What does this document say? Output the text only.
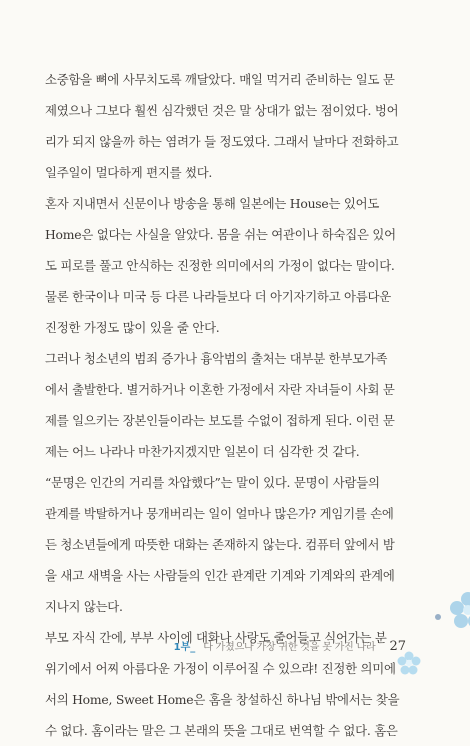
소중함을 뼈에 사무치도록 깨달았다. 매일 먹거리 준비하는 일도 문
제였으나 그보다 훨씬 심각했던 것은 말 상대가 없는 점이었다. 벙어
리가 되지 않을까 하는 염려가 들 정도였다. 그래서 날마다 전화하고
일주일이 멀다하게 편지를 썼다.
혼자 지내면서 신문이나 방송을 통해 일본에는 House는 있어도
Home은 없다는 사실을 알았다. 몸을 쉬는 여관이나 하숙집은 있어
도 피로를 풀고 안식하는 진정한 의미에서의 가정이 없다는 말이다.
물론 한국이나 미국 등 다른 나라들보다 더 아기자기하고 아름다운
진정한 가정도 많이 있을 줄 안다.
그러나 청소년의 범죄 증가나 흉악범의 출처는 대부분 한부모가족
에서 출발한다. 별거하거나 이혼한 가정에서 자란 자녀들이 사회 문
제를 일으키는 장본인들이라는 보도를 수없이 접하게 된다. 이런 문
제는 어느 나라나 마찬가지겠지만 일본이 더 심각한 것 같다.
“문명은 인간의 거리를 차압했다”는 말이 있다. 문명이 사람들의
관계를 박탈하거나 뭉개버리는 일이 얼마나 많은가? 게임기를 손에
든 청소년들에게 따뜻한 대화는 존재하지 않는다. 컴퓨터 앞에서 밤
을 새고 새벽을 사는 사람들의 인간 관계란 기계와 기계와의 관계에
지나지 않는다.
부모 자식 간에, 부부 사이에 대화나 사랑도 줄어들고 식어가는 분
위기에서 어찌 아름다운 가정이 이루어질 수 있으랴! 진정한 의미에
서의 Home, Sweet Home은 홈을 창설하신 하나님 밖에서는 찾을
수 없다. 홈이라는 말은 그 본래의 뜻을 그대로 번역할 수 없다. 홈은
1부_ 다 가졌으나 가장 귀한 것을 못 가진 나라 27
